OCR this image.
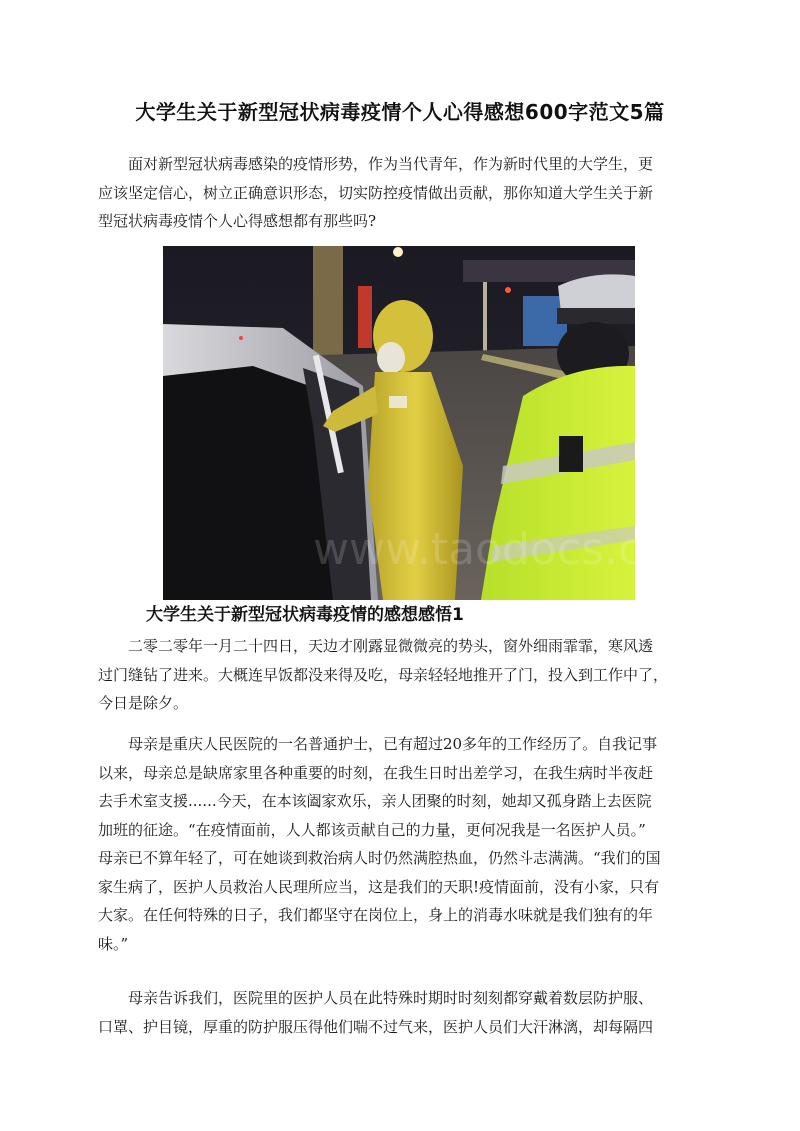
大学生关于新型冠状病毒疫情个人心得感想600字范文5篇
面对新型冠状病毒感染的疫情形势，作为当代青年，作为新时代里的大学生，更
应该坚定信心，树立正确意识形态，切实防控疫情做出贡献，那你知道大学生关于新
型冠状病毒疫情个人心得感想都有那些吗?
www.taodocs.com
大学生关于新型冠状病毒疫情的感想感悟1
二零二零年一月二十四日，天边才刚露显微微亮的势头，窗外细雨霏霏，寒风透
过门缝钻了进来。大概连早饭都没来得及吃，母亲轻轻地推开了门，投入到工作中了，
今日是除夕。
母亲是重庆人民医院的一名普通护士，已有超过20多年的工作经历了。自我记事
以来，母亲总是缺席家里各种重要的时刻，在我生日时出差学习，在我生病时半夜赶
去手术室支援......今天，在本该阖家欢乐，亲人团聚的时刻，她却又孤身踏上去医院
加班的征途。“在疫情面前，人人都该贡献自己的力量，更何况我是一名医护人员。”
母亲已不算年轻了，可在她谈到救治病人时仍然满腔热血，仍然斗志满满。“我们的国
家生病了，医护人员救治人民理所应当，这是我们的天职!疫情面前，没有小家，只有
大家。在任何特殊的日子，我们都坚守在岗位上，身上的消毒水味就是我们独有的年
味。”
母亲告诉我们，医院里的医护人员在此特殊时期时时刻刻都穿戴着数层防护服、
口罩、护目镜，厚重的防护服压得他们喘不过气来，医护人员们大汗淋漓，却每隔四
